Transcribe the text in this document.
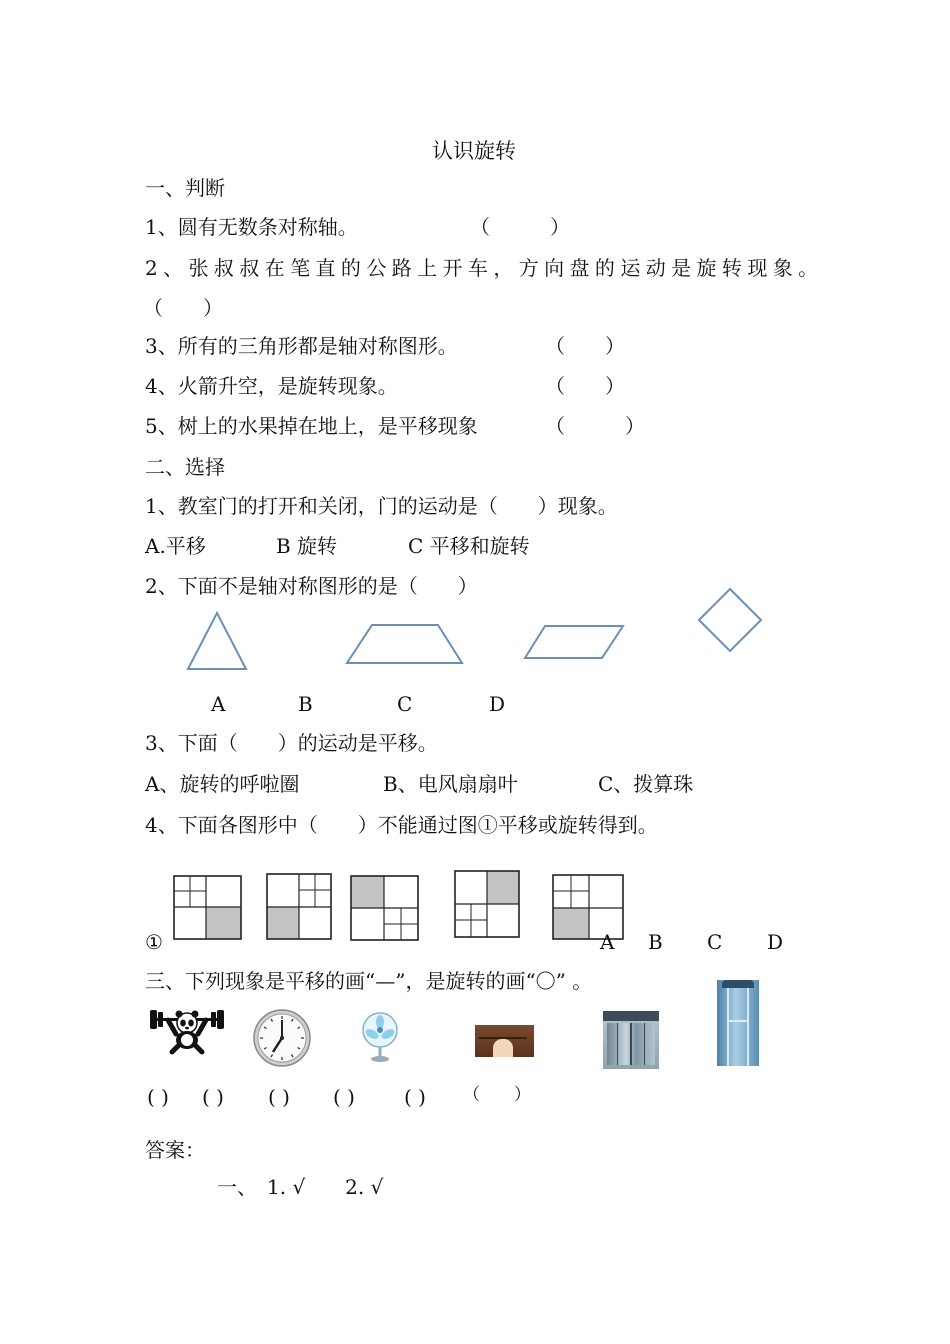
认识旋转
一、判断
1、圆有无数条对称轴。	（　　　）
2、张叔叔在笔直的公路上开车，方向盘的运动是旋转现象。
（　　）
3、所有的三角形都是轴对称图形。	（　　）
4、火箭升空，是旋转现象。	（　　）
5、树上的水果掉在地上，是平移现象	（　　　）
二、选择
1、教室门的打开和关闭，门的运动是（　　）现象。
A.平移	B 旋转	C 平移和旋转
2、下面不是轴对称图形的是（　　）
A	B	C	D
3、下面（　　）的运动是平移。
A、旋转的呼啦圈	B、电风扇扇叶	C、拨算珠
4、下面各图形中（　　）不能通过图①平移或旋转得到。
①	A B C D
三、下列现象是平移的画“—”，是旋转的画“〇” 。
( ) ( ) ( ) ( ) ( ) （　　）
答案：
一、　1. √　　2. √
